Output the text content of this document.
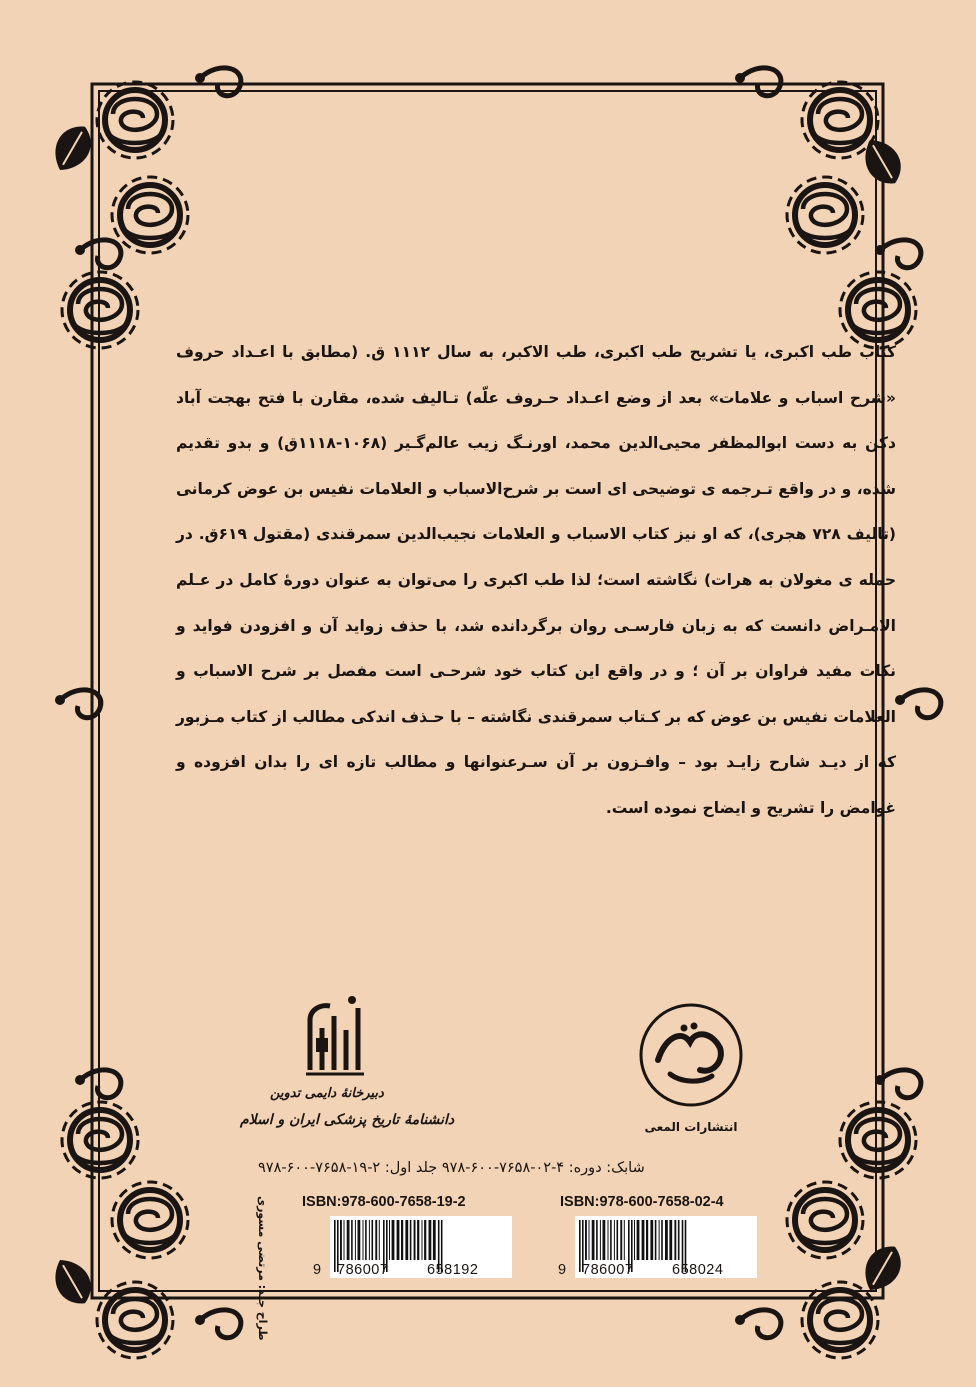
کتاب طب اکبری، یا تشریح طب اکبری، طب الاکبر، به سال ۱۱۱۲ ق. (مطابق با اعـداد حروف «شرح اسباب و علامات» بعد از وضع اعـداد حـروف علّه) تـالیف شده، مقارن با فتح بهجت آباد دکن به دست ابوالمظفر محیی‌الدین محمد، اورنـگ زیب عالم‌گـیر (۱۰۶۸-۱۱۱۸ق) و بدو تقدیم شده، و در واقع تـرجمه ی توضیحی ای است بر شرح‌الاسباب و العلامات نفیس بن عوض کرمانی (تالیف ۷۲۸ هجری)، که او نیز کتاب الاسباب و العلامات نجیب‌الدین سمرقندی (مقتول ۶۱۹ق. در حمله ی مغولان به هرات) نگاشته است؛ لذا طب اکبری را می‌توان به عنوان دورهٔ کامل در عـلم الامـراض دانست که به زبان فارسـی روان برگردانده شد، با حذف زواید آن و افزودن فواید و نکات مفید فراوان بر آن ؛ و در واقع این کتاب خود شرحـی است مفصل بر شرح الاسباب و العلامات نفیس بن عوض که بر کـتاب سمرقندی نگاشته – با حـذف اندکی مطالب از کتاب مـزبور که از دیـد شارح زایـد بود – وافـزون بر آن سـرعنوانها و مطالب تازه ای را بدان افزوده و غوامض را تشریح و ایضاح نموده است.

انتشارات المعی
دبیرخانهٔ دایمی تدوین
دانشنامهٔ تاریخ پزشکی ایران و اسلام
شابک: دوره: ۴-۰۲-۷۶۵۸-۶۰۰-۹۷۸ جلد اول: ۲-۱۹-۷۶۵۸-۶۰۰-۹۷۸
ISBN:978-600-7658-02-4
ISBN:978-600-7658-19-2
9 786007	658024
9 786007	658192
طراح جلد: مرتضی مسوری
